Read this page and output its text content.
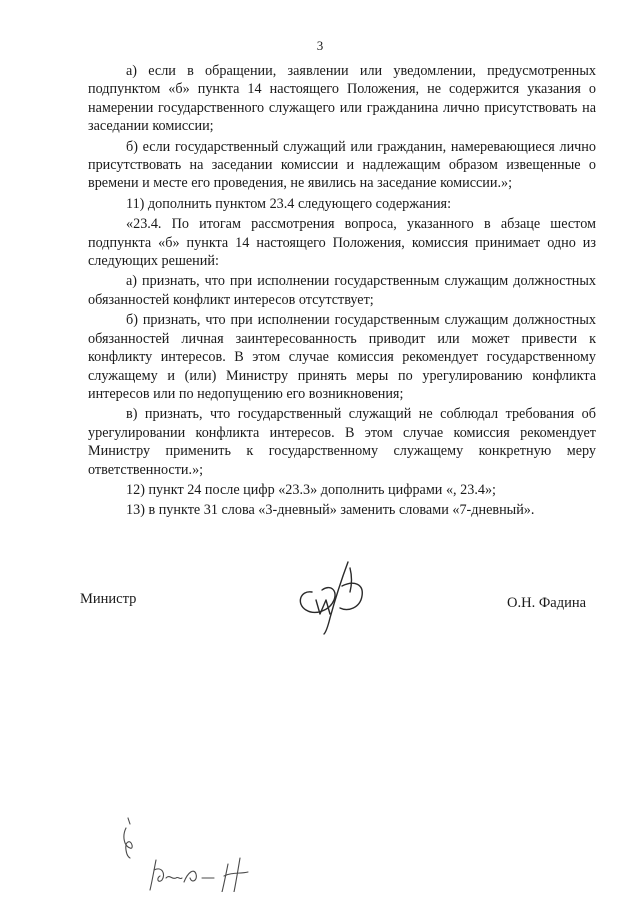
3

а) если в обращении, заявлении или уведомлении, предусмотренных подпунктом «б» пункта 14 настоящего Положения, не содержится указания о намерении государственного служащего или гражданина лично присутствовать на заседании комиссии;

б) если государственный служащий или гражданин, намеревающиеся лично присутствовать на заседании комиссии и надлежащим образом извещенные о времени и месте его проведения, не явились на заседание комиссии.»;

11) дополнить пунктом 23.4 следующего содержания:

«23.4. По итогам рассмотрения вопроса, указанного в абзаце шестом подпункта «б» пункта 14 настоящего Положения, комиссия принимает одно из следующих решений:

а) признать, что при исполнении государственным служащим должностных обязанностей конфликт интересов отсутствует;

б) признать, что при исполнении государственным служащим должностных обязанностей личная заинтересованность приводит или может привести к конфликту интересов. В этом случае комиссия рекомендует государственному служащему и (или) Министру принять меры по урегулированию конфликта интересов или по недопущению его возникновения;

в) признать, что государственный служащий не соблюдал требования об урегулировании конфликта интересов. В этом случае комиссия рекомендует Министру применить к государственному служащему конкретную меру ответственности.»;

12) пункт 24 после цифр «23.3» дополнить цифрами «, 23.4»;

13) в пункте 31 слова «3-дневный» заменить словами «7-дневный».

Министр	О.Н. Фадина
